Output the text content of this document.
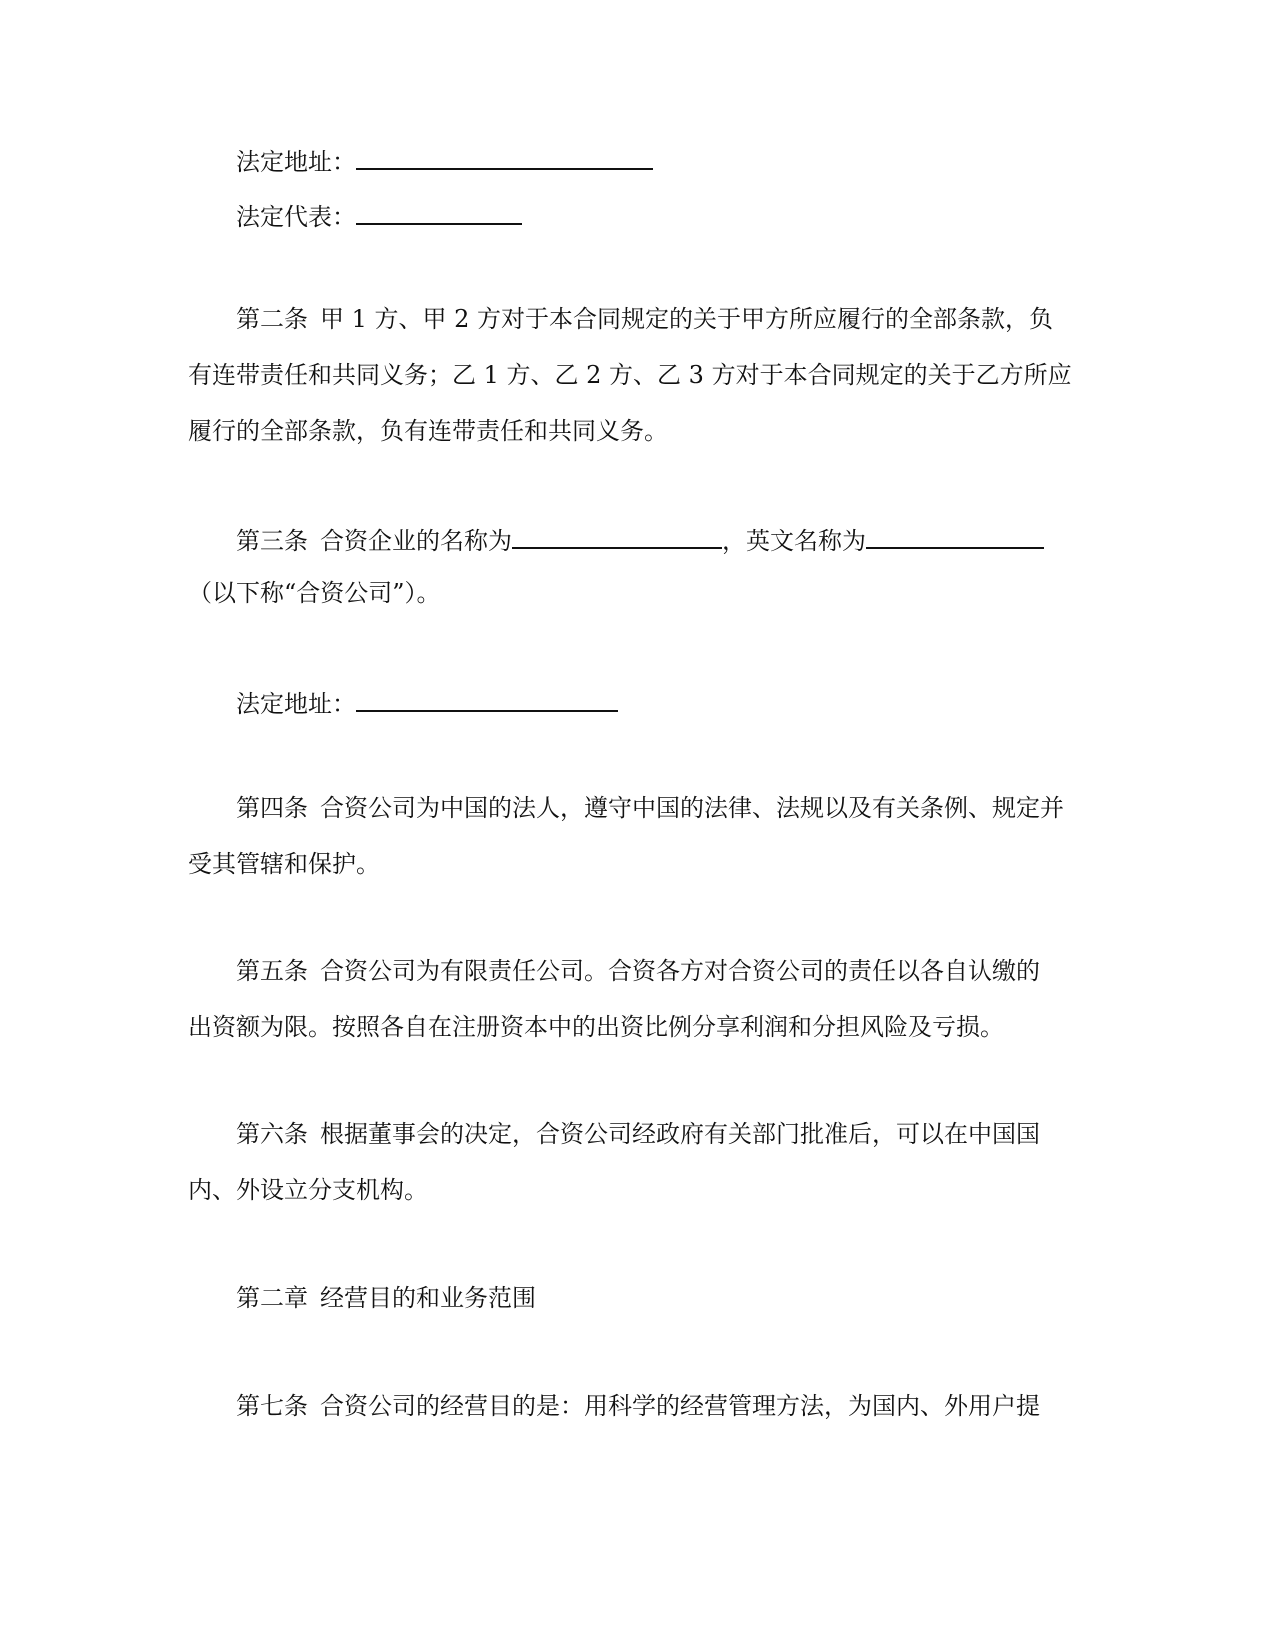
法定地址：
法定代表：
第二条 甲 1 方、甲 2 方对于本合同规定的关于甲方所应履行的全部条款，负
有连带责任和共同义务；乙 1 方、乙 2 方、乙 3 方对于本合同规定的关于乙方所应
履行的全部条款，负有连带责任和共同义务。
第三条 合资企业的名称为	，英文名称为
（以下称“合资公司”）。
法定地址：
第四条 合资公司为中国的法人，遵守中国的法律、法规以及有关条例、规定并
受其管辖和保护。
第五条 合资公司为有限责任公司。合资各方对合资公司的责任以各自认缴的
出资额为限。按照各自在注册资本中的出资比例分享利润和分担风险及亏损。
第六条 根据董事会的决定，合资公司经政府有关部门批准后，可以在中国国
内、外设立分支机构。
第二章 经营目的和业务范围
第七条 合资公司的经营目的是：用科学的经营管理方法，为国内、外用户提
